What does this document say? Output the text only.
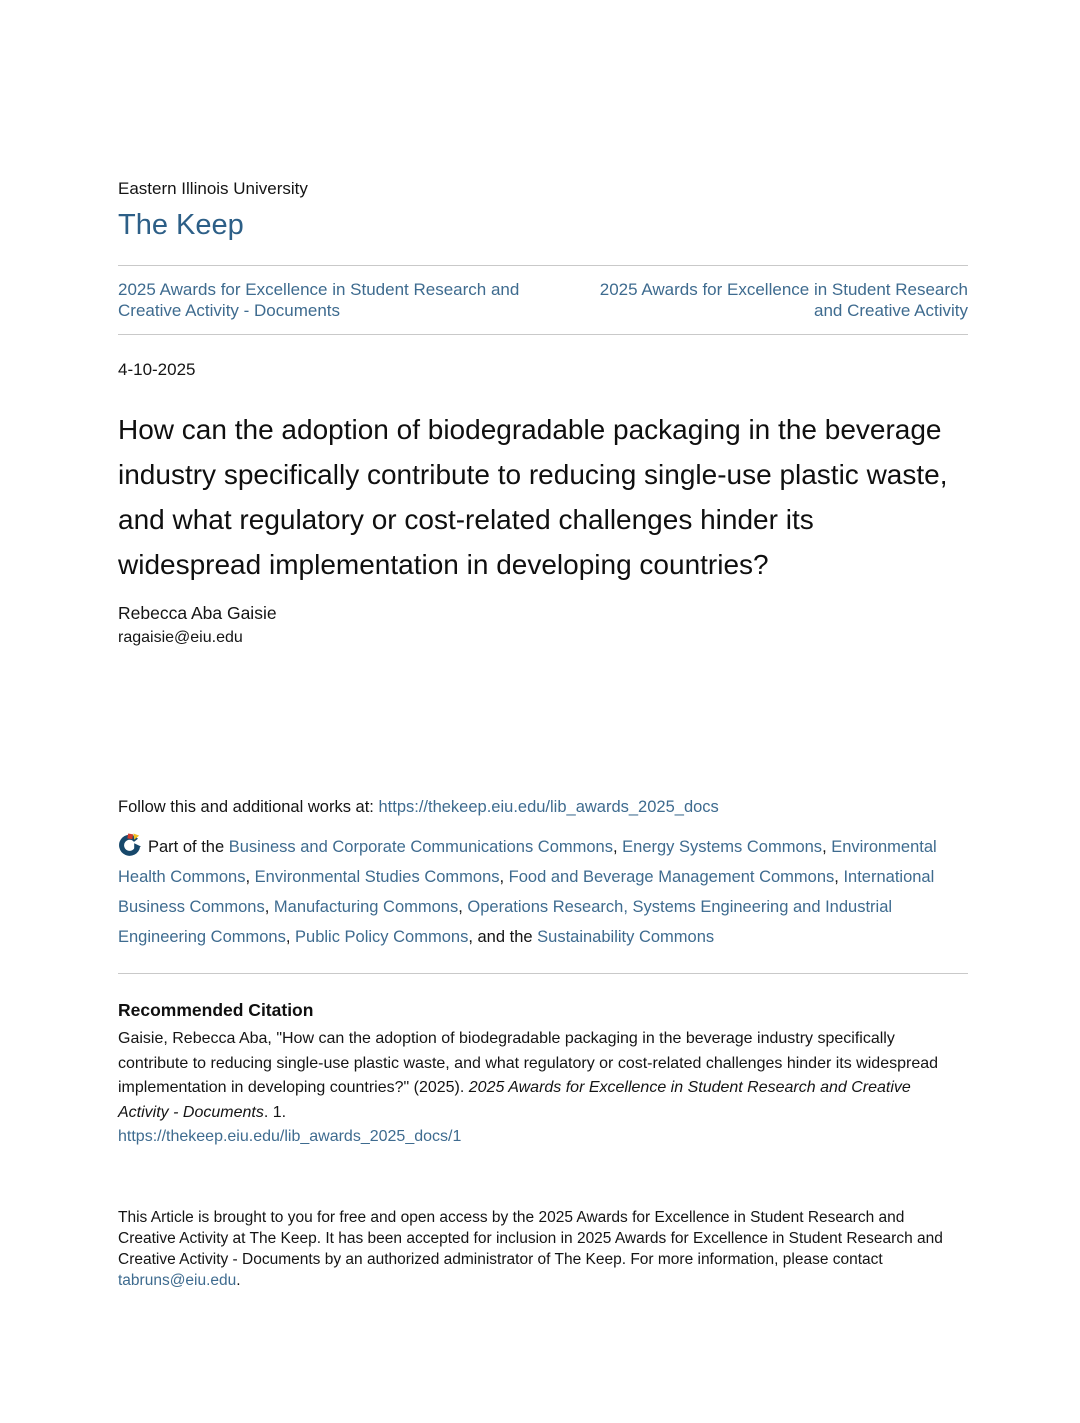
Eastern Illinois University
The Keep
2025 Awards for Excellence in Student Research and Creative Activity - Documents
2025 Awards for Excellence in Student Research and Creative Activity
4-10-2025
How can the adoption of biodegradable packaging in the beverage industry specifically contribute to reducing single-use plastic waste, and what regulatory or cost-related challenges hinder its widespread implementation in developing countries?
Rebecca Aba Gaisie
ragaisie@eiu.edu
Follow this and additional works at: https://thekeep.eiu.edu/lib_awards_2025_docs
Part of the Business and Corporate Communications Commons, Energy Systems Commons, Environmental Health Commons, Environmental Studies Commons, Food and Beverage Management Commons, International Business Commons, Manufacturing Commons, Operations Research, Systems Engineering and Industrial Engineering Commons, Public Policy Commons, and the Sustainability Commons
Recommended Citation
Gaisie, Rebecca Aba, "How can the adoption of biodegradable packaging in the beverage industry specifically contribute to reducing single-use plastic waste, and what regulatory or cost-related challenges hinder its widespread implementation in developing countries?" (2025). 2025 Awards for Excellence in Student Research and Creative Activity - Documents. 1.
https://thekeep.eiu.edu/lib_awards_2025_docs/1
This Article is brought to you for free and open access by the 2025 Awards for Excellence in Student Research and Creative Activity at The Keep. It has been accepted for inclusion in 2025 Awards for Excellence in Student Research and Creative Activity - Documents by an authorized administrator of The Keep. For more information, please contact tabruns@eiu.edu.
